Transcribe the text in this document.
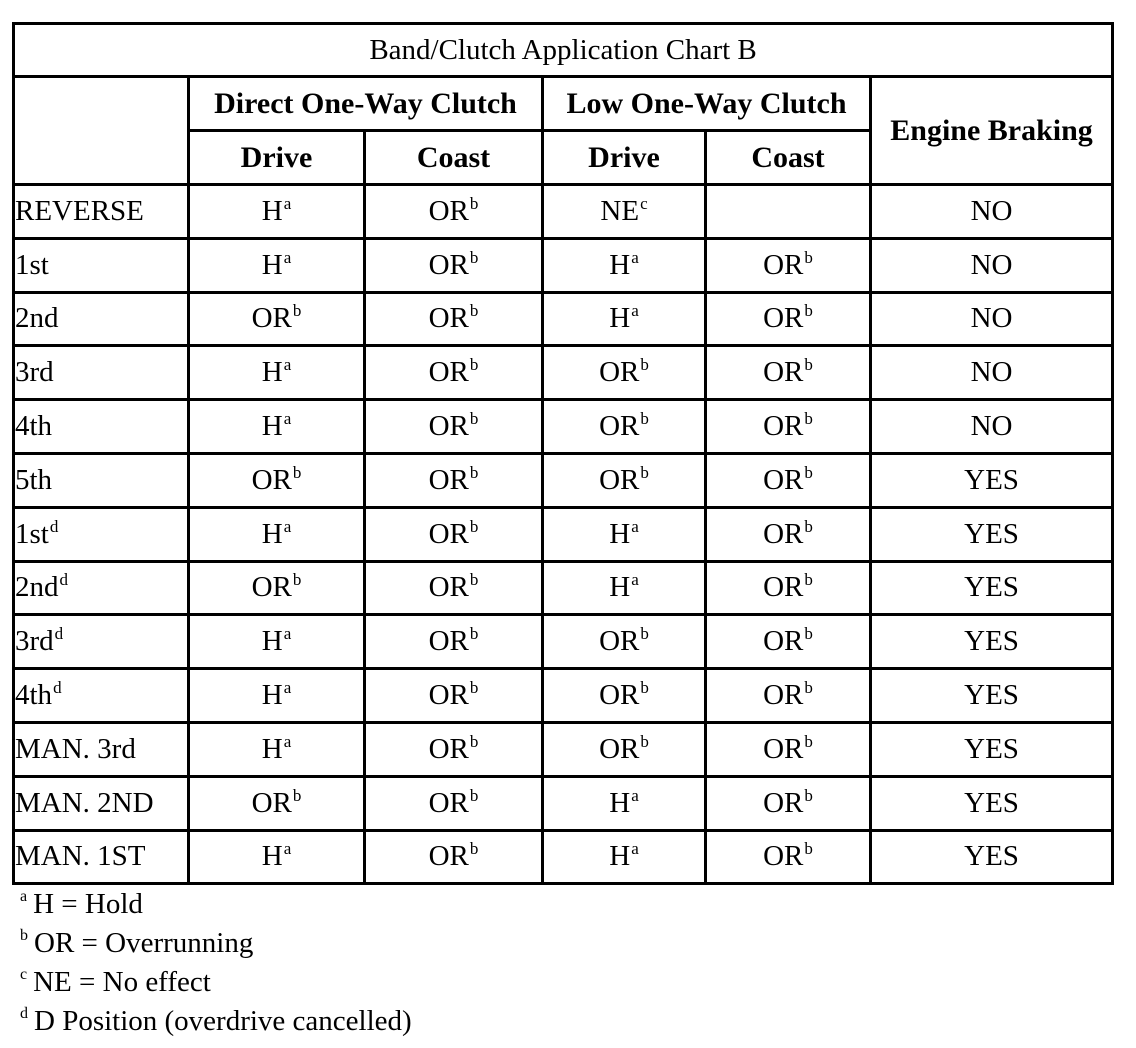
Band/Clutch Application Chart B					
	Direct One-Way Clutch		Low One-Way Clutch		Engine Braking
	Drive	Coast	Drive	Coast	
REVERSE	$H^a$	$OR^b$	$NE^c$		NO
1st	$H^a$	$OR^b$	$H^a$	$OR^b$	NO
2nd	$OR^b$	$OR^b$	$H^a$	$OR^b$	NO
3rd	$H^a$	$OR^b$	$OR^b$	$OR^b$	NO
4th	$H^a$	$OR^b$	$OR^b$	$OR^b$	NO
5th	$OR^b$	$OR^b$	$OR^b$	$OR^b$	YES
$1st^d$	$H^a$	$OR^b$	$H^a$	$OR^b$	YES
$2nd^d$	$OR^b$	$OR^b$	$H^a$	$OR^b$	YES
$3rd^d$	$H^a$	$OR^b$	$OR^b$	$OR^b$	YES
$4th^d$	$H^a$	$OR^b$	$OR^b$	$OR^b$	YES
MAN. 3rd	$H^a$	$OR^b$	$OR^b$	$OR^b$	YES
MAN. 2ND	$OR^b$	$OR^b$	$H^a$	$OR^b$	YES
MAN. 1ST	$H^a$	$OR^b$	$H^a$	$OR^b$	YES
$^a$ H = Hold
$^b$ OR = Overrunning
$^c$ NE = No effect
$^d$ D Position (overdrive cancelled)
